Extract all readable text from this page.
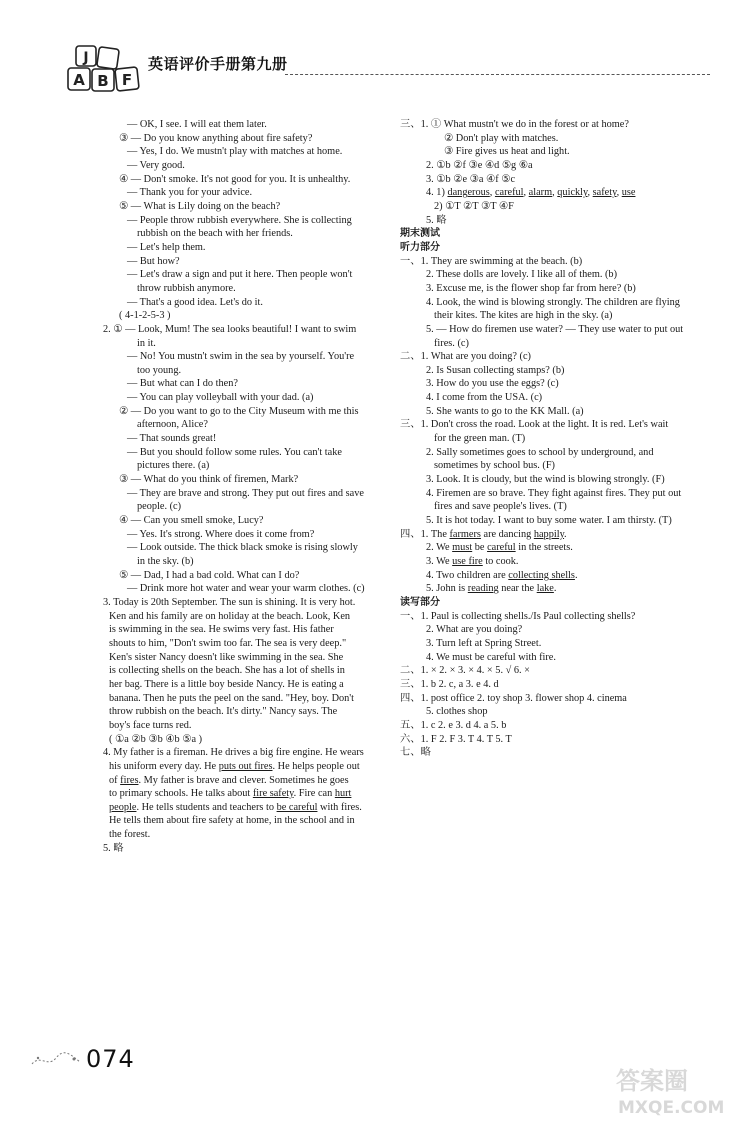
J
A F
B
英语评价手册第九册
— OK, I see. I will eat them later.
③ — Do you know anything about fire safety?
— Yes, I do. We mustn't play with matches at home.
— Very good.
④ — Don't smoke. It's not good for you. It is unhealthy.
— Thank you for your advice.
⑤ — What is Lily doing on the beach?
— People throw rubbish everywhere. She is collecting
rubbish on the beach with her friends.
— Let's help them.
— But how?
— Let's draw a sign and put it here. Then people won't
throw rubbish anymore.
— That's a good idea. Let's do it.
( 4-1-2-5-3 )
2. ① — Look, Mum! The sea looks beautiful! I want to swim
in it.
— No! You mustn't swim in the sea by yourself. You're
too young.
— But what can I do then?
— You can play volleyball with your dad. (a)
② — Do you want to go to the City Museum with me this
afternoon, Alice?
— That sounds great!
— But you should follow some rules. You can't take
pictures there. (a)
③ — What do you think of firemen, Mark?
— They are brave and strong. They put out fires and save
people. (c)
④ — Can you smell smoke, Lucy?
— Yes. It's strong. Where does it come from?
— Look outside. The thick black smoke is rising slowly
in the sky. (b)
⑤ — Dad, I had a bad cold. What can I do?
— Drink more hot water and wear your warm clothes. (c)
3. Today is 20th September. The sun is shining. It is very hot.
Ken and his family are on holiday at the beach. Look, Ken
is swimming in the sea. He swims very fast. His father
shouts to him, "Don't swim too far. The sea is very deep."
Ken's sister Nancy doesn't like swimming in the sea. She
is collecting shells on the beach. She has a lot of shells in
her bag. There is a little boy beside Nancy. He is eating a
banana. Then he puts the peel on the sand. "Hey, boy. Don't
throw rubbish on the beach. It's dirty." Nancy says. The
boy's face turns red.
( ①a ②b ③b ④b ⑤a )
4. My father is a fireman. He drives a big fire engine. He wears
his uniform every day. He puts out fires. He helps people out
of fires. My father is brave and clever. Sometimes he goes
to primary schools. He talks about fire safety. Fire can hurt
people. He tells students and teachers to be careful with fires.
He tells them about fire safety at home, in the school and in
the forest.
5. 略
三、1. ① What mustn't we do in the forest or at home?
② Don't play with matches.
③ Fire gives us heat and light.
2. ①b ②f ③e ④d ⑤g ⑥a
3. ①b ②e ③a ④f ⑤c
4. 1) dangerous, careful, alarm, quickly, safety, use
2) ①T ②T ③T ④F
5. 略
期末测试
听力部分
一、1. They are swimming at the beach. (b)
2. These dolls are lovely. I like all of them. (b)
3. Excuse me, is the flower shop far from here? (b)
4. Look, the wind is blowing strongly. The children are flying
their kites. The kites are high in the sky. (a)
5. — How do firemen use water? — They use water to put out
fires. (c)
二、1. What are you doing? (c)
2. Is Susan collecting stamps? (b)
3. How do you use the eggs? (c)
4. I come from the USA. (c)
5. She wants to go to the KK Mall. (a)
三、1. Don't cross the road. Look at the light. It is red. Let's wait
for the green man. (T)
2. Sally sometimes goes to school by underground, and
sometimes by school bus. (F)
3. Look. It is cloudy, but the wind is blowing strongly. (F)
4. Firemen are so brave. They fight against fires. They put out
fires and save people's lives. (T)
5. It is hot today. I want to buy some water. I am thirsty. (T)
四、1. The farmers are dancing happily.
2. We must be careful in the streets.
3. We use fire to cook.
4. Two children are collecting shells.
5. John is reading near the lake.
读写部分
一、1. Paul is collecting shells./Is Paul collecting shells?
2. What are you doing?
3. Turn left at Spring Street.
4. We must be careful with fire.
二、1. × 2. × 3. × 4. × 5. √ 6. ×
三、1. b 2. c, a 3. e 4. d
四、1. post office 2. toy shop 3. flower shop 4. cinema
5. clothes shop
五、1. c 2. e 3. d 4. a 5. b
六、1. F 2. F 3. T 4. T 5. T
七、略
074
答案圈
MXQE.COM
